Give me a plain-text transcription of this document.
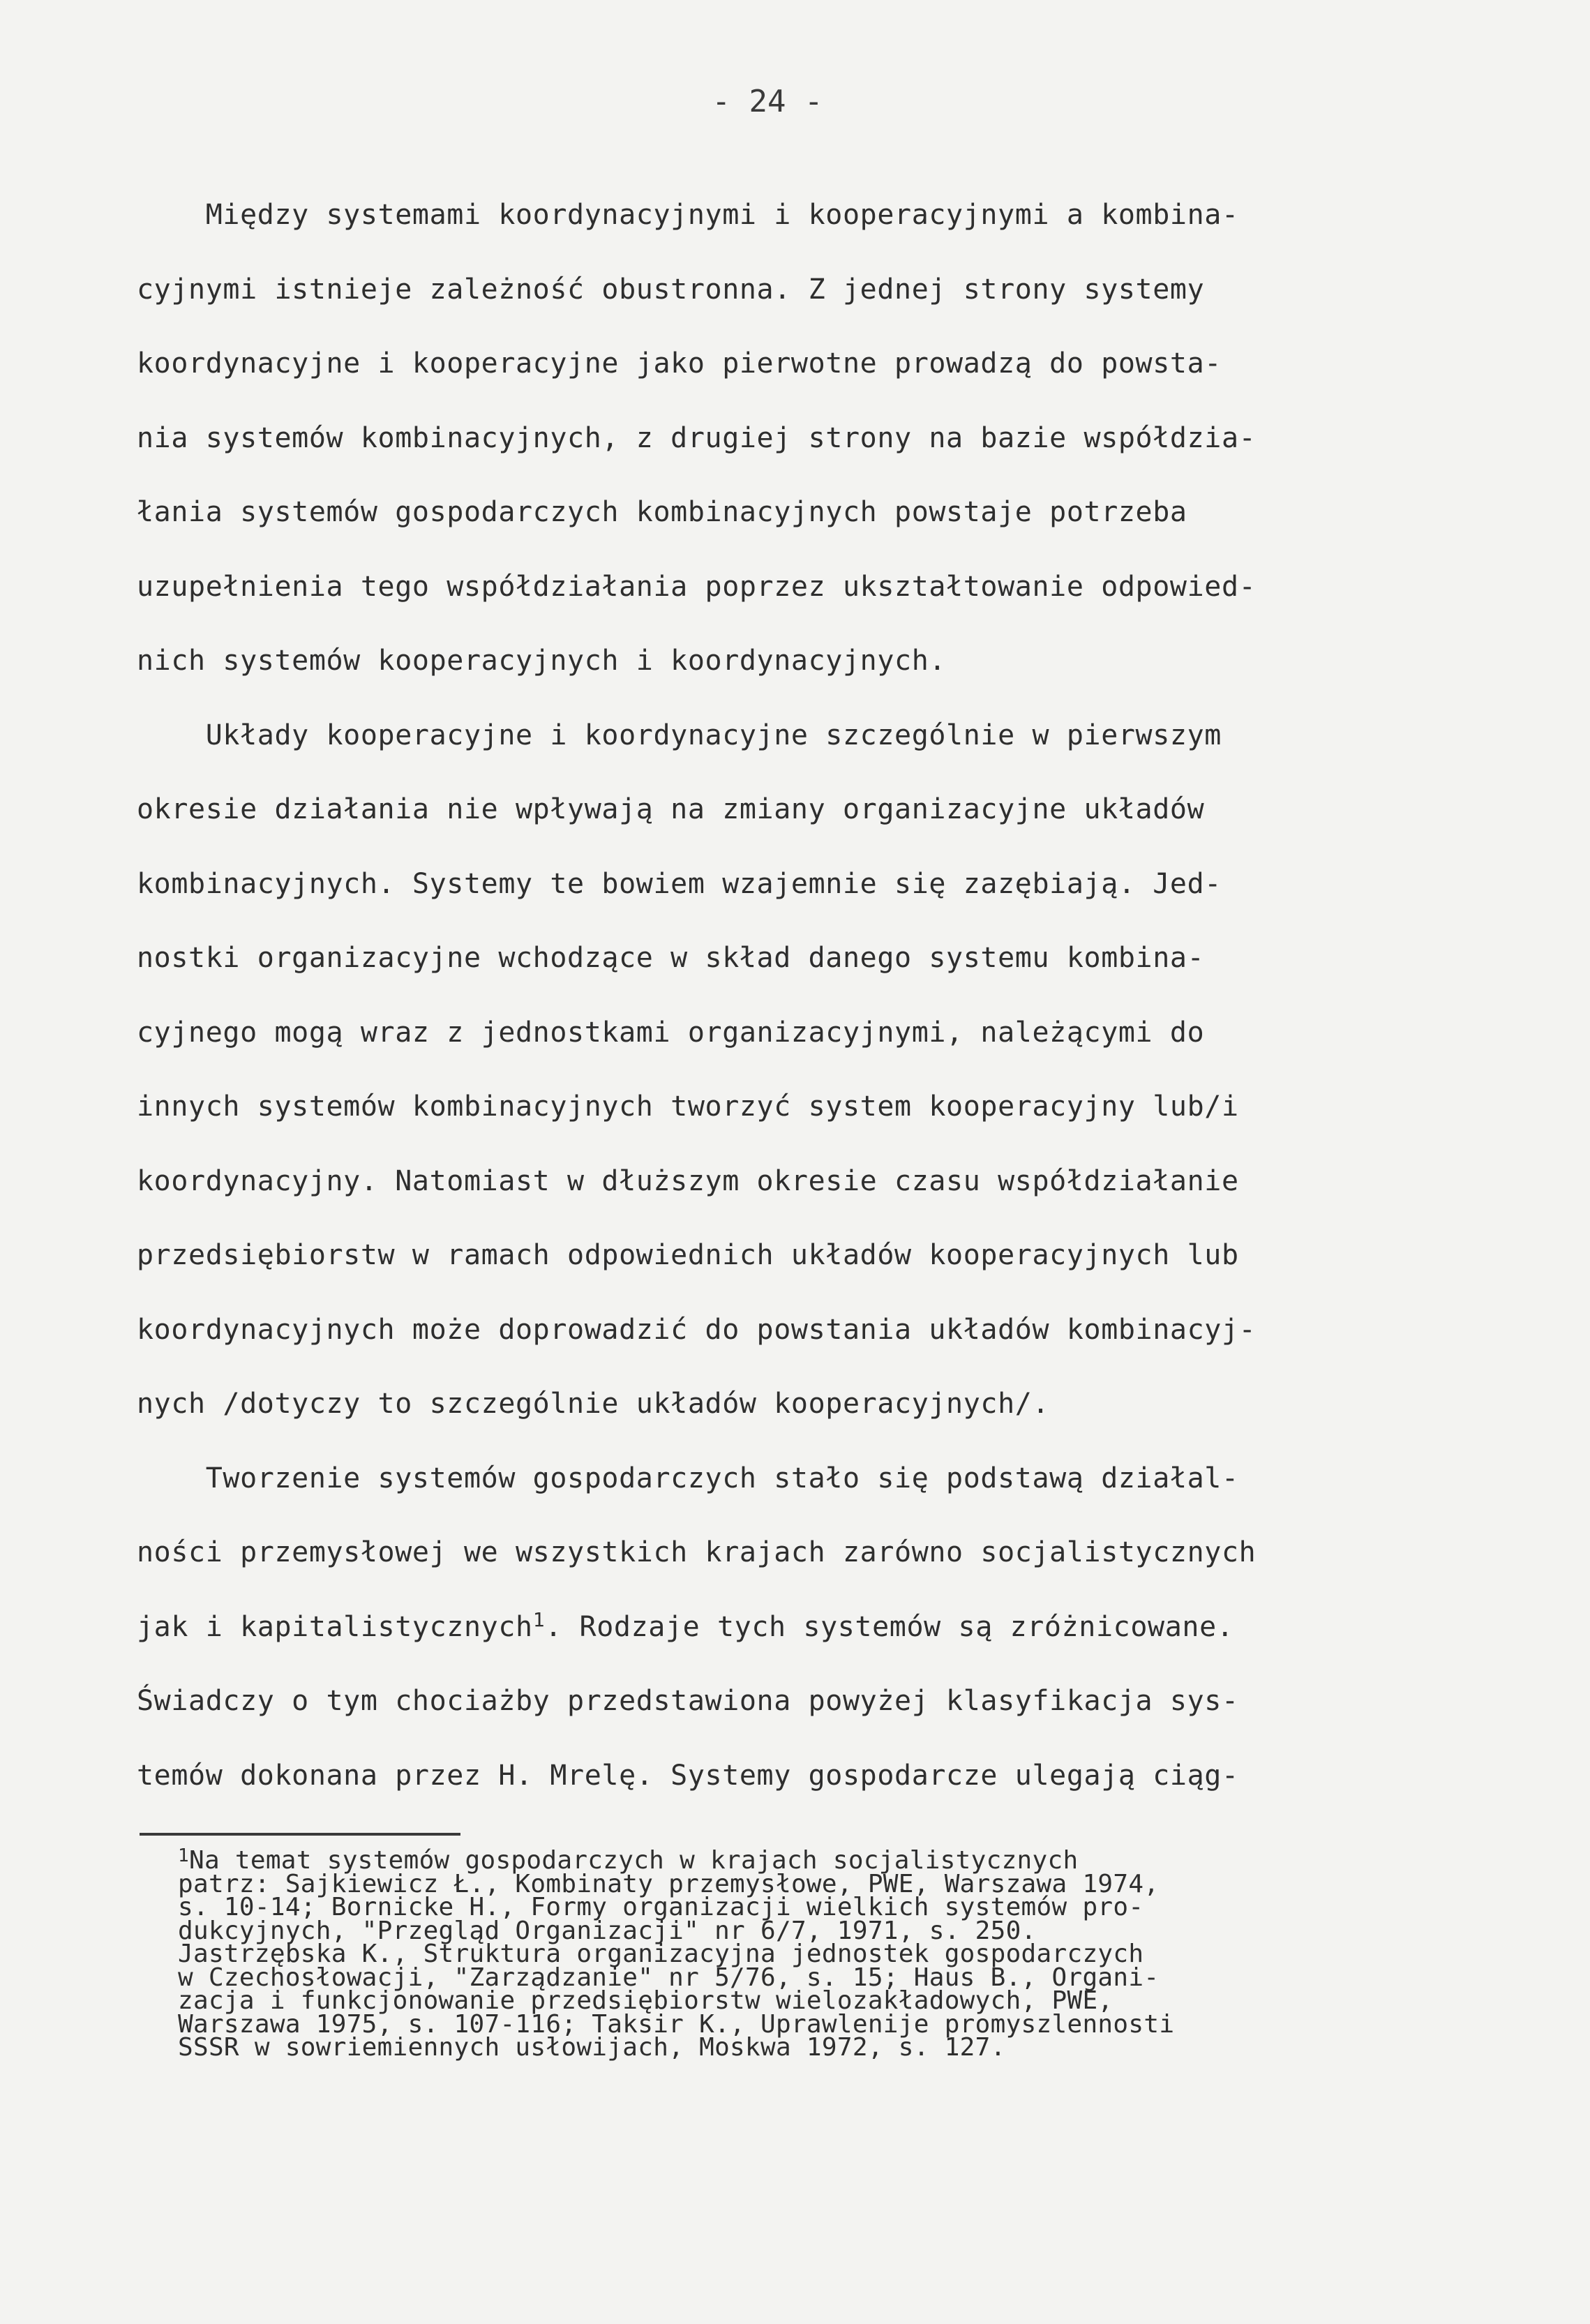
- 24 -
Między systemami koordynacyjnymi i kooperacyjnymi a kombina-
cyjnymi istnieje zależność obustronna. Z jednej strony systemy
koordynacyjne i kooperacyjne jako pierwotne prowadzą do powsta-
nia systemów kombinacyjnych, z drugiej strony na bazie współdzia-
łania systemów gospodarczych kombinacyjnych powstaje potrzeba
uzupełnienia tego współdziałania poprzez ukształtowanie odpowied-
nich systemów kooperacyjnych i koordynacyjnych.
Układy kooperacyjne i koordynacyjne szczególnie w pierwszym
okresie działania nie wpływają na zmiany organizacyjne układów
kombinacyjnych. Systemy te bowiem wzajemnie się zazębiają. Jed-
nostki organizacyjne wchodzące w skład danego systemu kombina-
cyjnego mogą wraz z jednostkami organizacyjnymi, należącymi do
innych systemów kombinacyjnych tworzyć system kooperacyjny lub/i
koordynacyjny. Natomiast w dłuższym okresie czasu współdziałanie
przedsiębiorstw w ramach odpowiednich układów kooperacyjnych lub
koordynacyjnych może doprowadzić do powstania układów kombinacyj-
nych /dotyczy to szczególnie układów kooperacyjnych/.
Tworzenie systemów gospodarczych stało się podstawą działal-
ności przemysłowej we wszystkich krajach zarówno socjalistycznych
jak i kapitalistycznych$^1$. Rodzaje tych systemów są zróżnicowane.
Świadczy o tym chociażby przedstawiona powyżej klasyfikacja sys-
temów dokonana przez H. Mrelę. Systemy gospodarcze ulegają ciąg-
$^1$Na temat systemów gospodarczych w krajach socjalistycznych
patrz: Sajkiewicz Ł., Kombinaty przemysłowe, PWE, Warszawa 1974,
s. 10-14; Bornicke H., Formy organizacji wielkich systemów pro-
dukcyjnych, "Przegląd Organizacji" nr 6/7, 1971, s. 250.
Jastrzębska K., Struktura organizacyjna jednostek gospodarczych
w Czechosłowacji, "Zarządzanie" nr 5/76, s. 15; Haus B., Organi-
zacja i funkcjonowanie przedsiębiorstw wielozakładowych, PWE,
Warszawa 1975, s. 107-116; Taksir K., Uprawlenije promyszlennosti
SSSR w sowriemiennych usłowijach, Moskwa 1972, s. 127.
